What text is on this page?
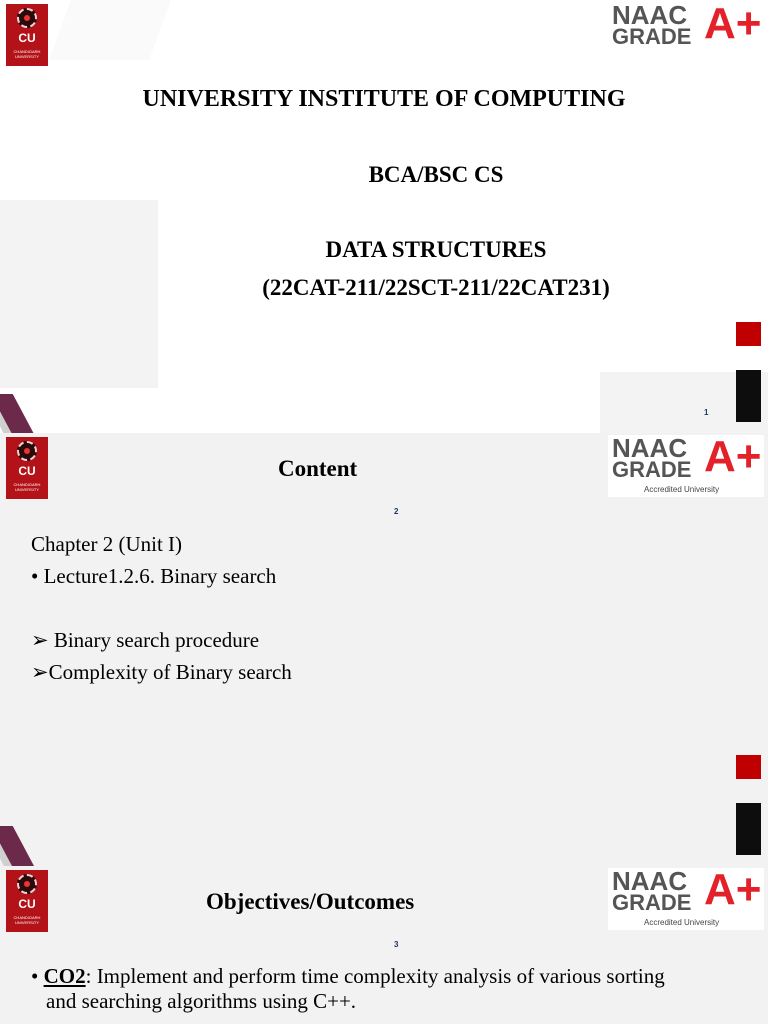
CU
CHANDIGARH UNIVERSITY
NAAC
GRADE A+
UNIVERSITY INSTITUTE OF COMPUTING
BCA/BSC CS
DATA STRUCTURES
(22CAT-211/22SCT-211/22CAT231)
1
CU
CHANDIGARH UNIVERSITY
NAAC
GRADE A+
Accredited University
Content
2
Chapter 2 (Unit I)
• Lecture1.2.6. Binary search
➢ Binary search procedure
➢Complexity of Binary search
CU
CHANDIGARH UNIVERSITY
NAAC
GRADE A+
Accredited University
Objectives/Outcomes
3
• CO2: Implement and perform time complexity analysis of various sorting
and searching algorithms using C++.
